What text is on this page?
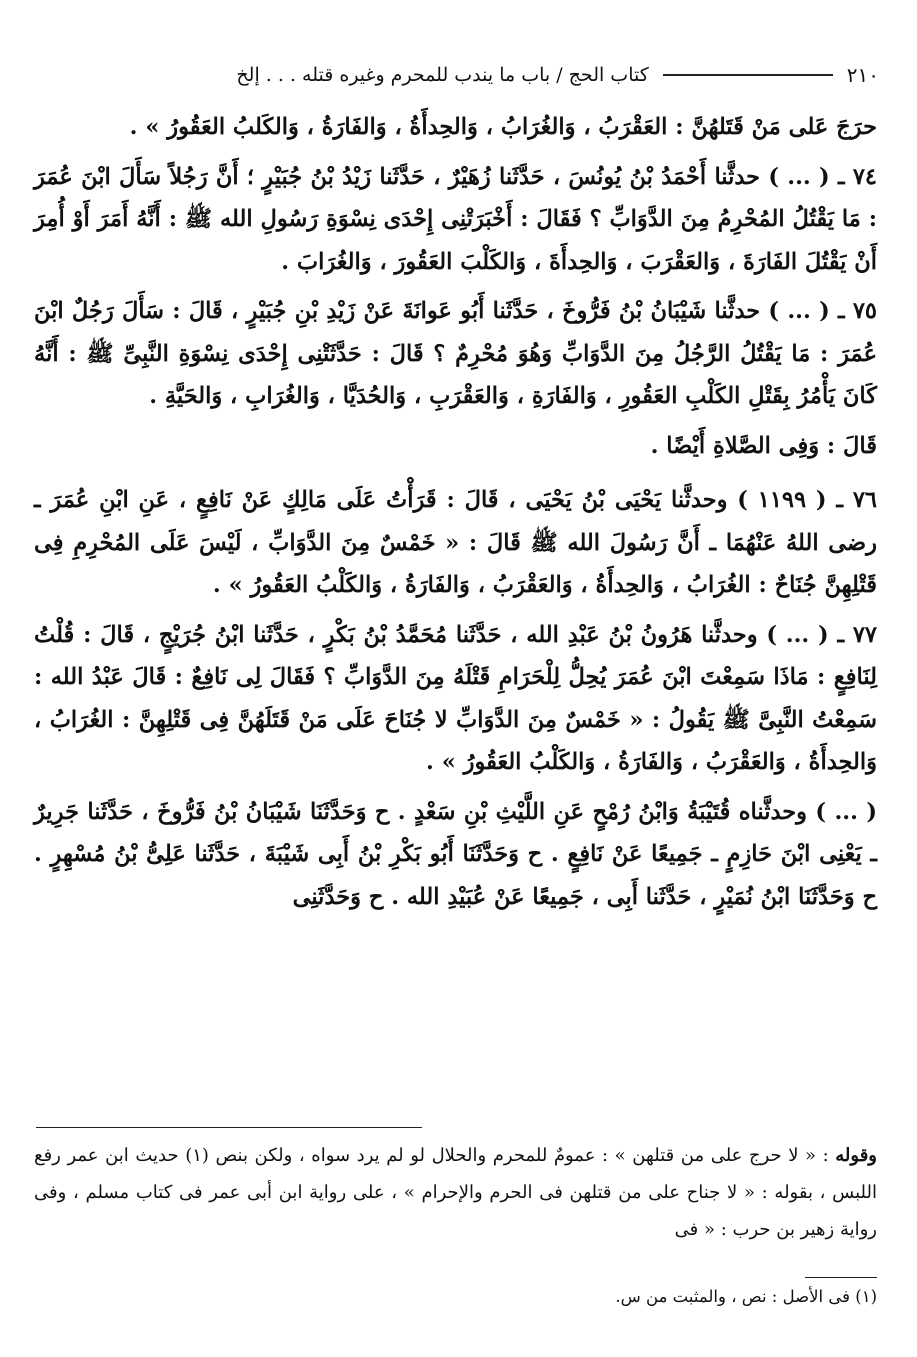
٢١٠
كتاب الحج / باب ما يندب للمحرم وغيره قتله . . . إلخ

حرَجَ عَلى مَنْ قَتَلهُنَّ : العَقْرَبُ ، وَالغُرَابُ ، وَالحِدأَةُ ، وَالفَارَةُ ، وَالكَلبُ العَقُورُ » .

٧٤ ـ ( ... ) حدثَّنا أَحْمَدُ بْنُ يُونُسَ ، حَدَّثَنا زُهَيْرٌ ، حَدَّثَنا زَيْدُ بْنُ جُبَيْرٍ ؛ أَنَّ رَجُلاً سَأَلَ ابْنَ عُمَرَ : مَا يَقْتُلُ المُحْرِمُ مِنَ الدَّوَابِّ ؟ فَقَالَ : أَخْبَرَتْنِى إِحْدَى نِسْوَةِ رَسُولِ الله ﷺ : أَنَّهُ أَمَرَ أَوْ أُمِرَ أَنْ يَقْتُلَ الفَارَةَ ، وَالعَقْرَبَ ، وَالحِدأَةَ ، وَالكَلْبَ العَقُورَ ، وَالغُرَابَ .

٧٥ ـ ( ... ) حدثَّنا شَيْبَانُ بْنُ فَرُّوخَ ، حَدَّثَنا أَبُو عَوانَةَ عَنْ زَيْدِ بْنِ جُبَيْرٍ ، قَالَ : سَأَلَ رَجُلٌ ابْنَ عُمَرَ : مَا يَقْتُلُ الرَّجُلُ مِنَ الدَّوَابِّ وَهُوَ مُحْرِمٌ ؟ قَالَ : حَدَّثَتْنِى إِحْدَى نِسْوَةِ النَّبِىِّ ﷺ : أَنَّهُ كَانَ يَأْمُرُ بِقَتْلِ الكَلْبِ العَقُورِ ، وَالفَارَةِ ، وَالعَقْرَبِ ، وَالحُدَيَّا ، وَالغُرَابِ ، وَالحَيَّةِ .

قَالَ : وَفِى الصَّلاةِ أَيْضًا .

٧٦ ـ ( ١١٩٩ ) وحدثَّنا يَحْيَى بْنُ يَحْيَى ، قَالَ : قَرَأْتُ عَلَى مَالِكٍ عَنْ نَافِعٍ ، عَنِ ابْنِ عُمَرَ ـ رضى اللهُ عَنْهُمَا ـ أَنَّ رَسُولَ الله ﷺ قَالَ : « خَمْسٌ مِنَ الدَّوَابِّ ، لَيْسَ عَلَى المُحْرِمِ فِى قَتْلِهِنَّ جُنَاحٌ : الغُرَابُ ، وَالحِدأَةُ ، وَالعَقْرَبُ ، وَالفَارَةُ ، وَالكَلْبُ العَقُورُ » .

٧٧ ـ ( ... ) وحدثَّنا هَرُونُ بْنُ عَبْدِ الله ، حَدَّثَنا مُحَمَّدُ بْنُ بَكْرٍ ، حَدَّثَنا ابْنُ جُرَيْجٍ ، قَالَ : قُلْتُ لِنَافِعٍ : مَاذَا سَمِعْتَ ابْنَ عُمَرَ يُحِلُّ لِلْحَرَامِ قَتْلَهُ مِنَ الدَّوَابِّ ؟ فَقَالَ لِى نَافِعٌ : قَالَ عَبْدُ الله : سَمِعْتُ النَّبِىَّ ﷺ يَقُولُ : « خَمْسٌ مِنَ الدَّوَابِّ لا جُنَاحَ عَلَى مَنْ قَتَلَهُنَّ فِى قَتْلِهِنَّ : الغُرَابُ ، وَالحِدأَةُ ، وَالعَقْرَبُ ، وَالفَارَةُ ، وَالكَلْبُ العَقُورُ » .

( ... ) وحدثَّناه قُتَيْبَةُ وَابْنُ رُمْحٍ عَنِ اللَّيْثِ بْنِ سَعْدٍ . ح وَحَدَّثَنَا شَيْبَانُ بْنُ فَرُّوخَ ، حَدَّثَنا جَرِيرٌ ـ يَعْنِى ابْنَ حَازِمٍ ـ جَمِيعًا عَنْ نَافِعٍ . ح وَحَدَّثَنَا أَبُو بَكْرِ بْنُ أَبِى شَيْبَةَ ، حَدَّثَنا عَلِىُّ بْنُ مُسْهِرٍ . ح وَحَدَّثَنَا ابْنُ نُمَيْرٍ ، حَدَّثَنا أَبِى ، جَمِيعًا عَنْ عُبَيْدِ الله . ح وَحَدَّثَنِى

وقوله : « لا حرج على من قتلهن » : عمومٌ للمحرم والحلال لو لم يرد سواه ، ولكن بنص (١) حديث ابن عمر رفع اللبس ، بقوله : « لا جناح على من قتلهن فى الحرم والإحرام » ، على رواية ابن أبى عمر فى كتاب مسلم ، وفى رواية زهير بن حرب : « فى

(١) فى الأصل : نص ، والمثبت من س.
